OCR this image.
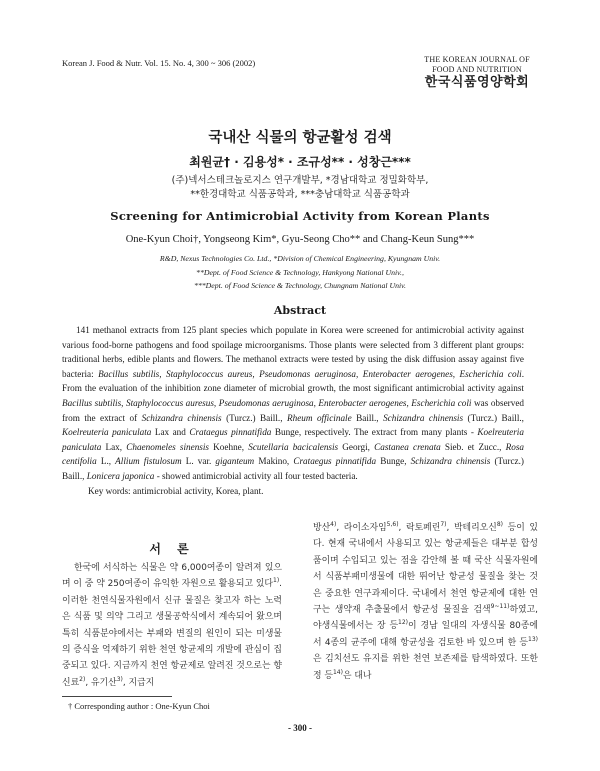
Korean J. Food & Nutr. Vol. 15. No. 4, 300 ~ 306 (2002)	THE KOREAN JOURNAL OF
FOOD AND NUTRITION
한국식품영양학회
국내산 식물의 항균활성 검색
최원균† · 김용성* · 조규성** · 성창근***
(주)넥서스테크놀로지스 연구개발부, *경남대학교 정밀화학부,
**한경대학교 식품공학과, ***충남대학교 식품공학과
Screening for Antimicrobial Activity from Korean Plants
One-Kyun Choi†, Yongseong Kim*, Gyu-Seong Cho** and Chang-Keun Sung***
R&D, Nexus Technologies Co. Ltd., *Division of Chemical Engineering, Kyungnam Univ.
**Dept. of Food Science & Technology, Hankyong National Univ.,
***Dept. of Food Science & Technology, Chungnam National Univ.
Abstract
141 methanol extracts from 125 plant species which populate in Korea were screened for antimicrobial activity against various food-borne pathogens and food spoilage microorganisms. Those plants were selected from 3 different plant groups: traditional herbs, edible plants and flowers. The methanol extracts were tested by using the disk diffusion assay against five bacteria: Bacillus subtilis, Staphylococcus aureus, Pseudomonas aeruginosa, Enterobacter aerogenes, Escherichia coli. From the evaluation of the inhibition zone diameter of microbial growth, the most significant antimicrobial activity against Bacillus subtilis, Staphylococcus auresus, Pseudomonas aeruginosa, Enterobacter aerogenes, Escherichia coli was observed from the extract of Schizandra chinensis (Turcz.) Baill., Rheum officinale Baill., Schizandra chinensis (Turcz.) Baill., Koelreuteria paniculata Lax and Crataegus pinnatifida Bunge, respectively. The extract from many plants - Koelreuteria paniculata Lax, Chaenomeles sinensis Koehne, Scutellaria bacicalensis Georgi, Castanea crenata Sieb. et Zucc., Rosa centifolia L., Allium fistulosum L. var. giganteum Makino, Crataegus pinnatifida Bunge, Schizandra chinensis (Turcz.) Baill., Lonicera japonica - showed antimicrobial activity all four tested bacteria.
Key words: antimicrobial activity, Korea, plant.
서 론
한국에 서식하는 식물은 약 6,000여종이 알려져 있으며 이 중 약 250여종이 유익한 자원으로 활용되고 있다$^{1)}$. 이러한 천연식물자원에서 신규 물질은 찾고자 하는 노력은 식품 및 의약 그리고 생물공학식에서 계속되어 왔으며 특히 식품분야에서는 부패와 변질의 원인이 되는 미생물의 증식을 억제하기 위한 천연 항균제의 개발에 관심이 집중되고 있다. 지금까지 천연 항균제로 알려진 것으로는 향신료$^{2)}$, 유기산$^{3)}$, 지급지
방산$^{4)}$, 라이소자임$^{5,6)}$, 락토페린$^{7)}$, 박테리오신$^{8)}$ 등이 있다. 현재 국내에서 사용되고 있는 항균제들은 대부분 합성품이며 수입되고 있는 점을 감안해 볼 때 국산 식물자원에서 식품부패미생물에 대한 뛰어난 항균성 물질을 찾는 것은 중요한 연구과제이다. 국내에서 천연 항균제에 대한 연구는 생약재 추출물에서 항균성 물질을 검색$^{9\sim 11)}$하였고, 야생식물에서는 장 등$^{12)}$이 경남 일대의 자생식물 80종에서 4종의 균주에 대해 항균성을 검토한 바 있으며 한 등$^{13)}$은 김치선도 유지를 위한 천연 보존제를 탐색하였다. 또한 정 등$^{14)}$은 대나
† Corresponding author : One-Kyun Choi
- 300 -
